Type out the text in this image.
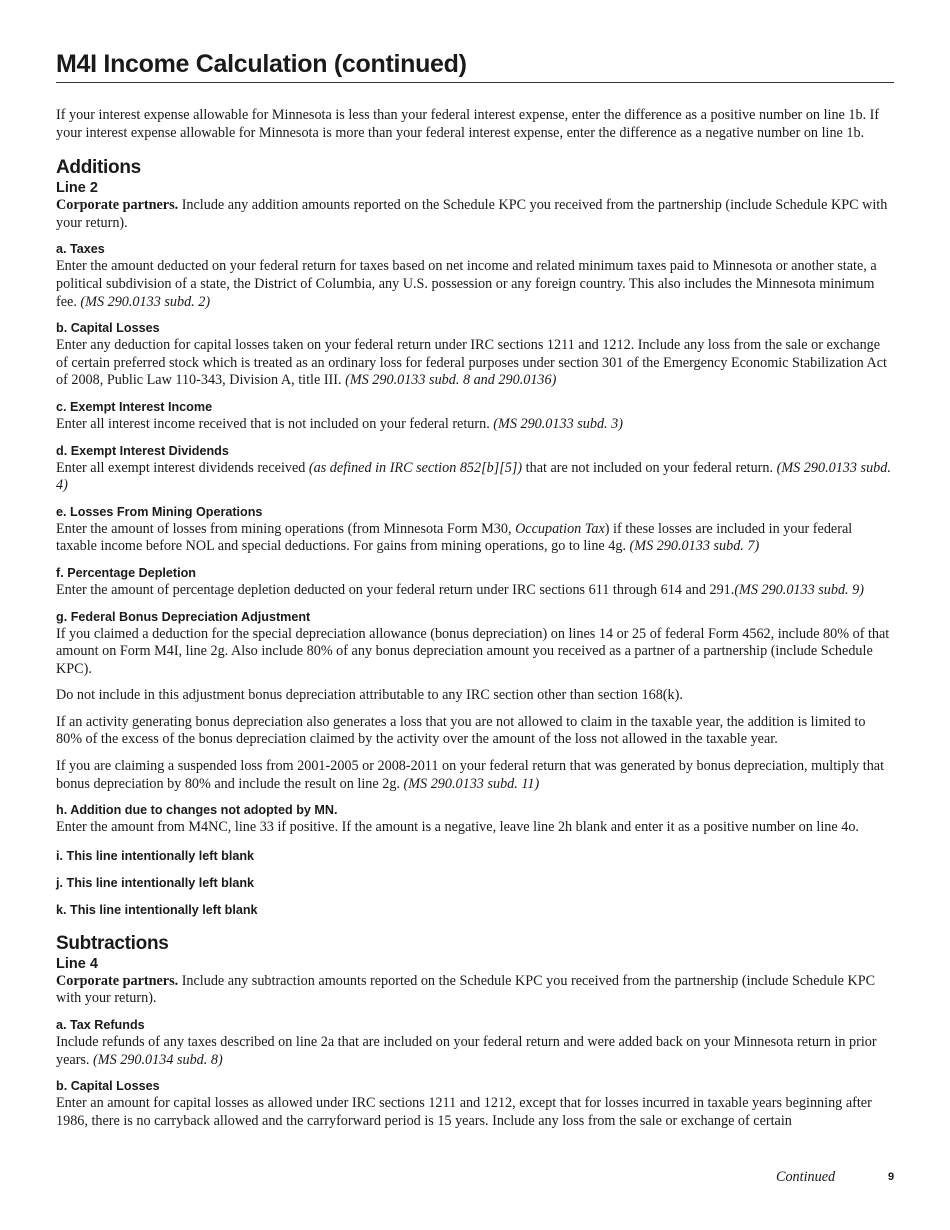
M4I Income Calculation (continued)

If your interest expense allowable for Minnesota is less than your federal interest expense, enter the difference as a positive number on line 1b. If your interest expense allowable for Minnesota is more than your federal interest expense, enter the difference as a negative number on line 1b.

Additions
Line 2

Corporate partners. Include any addition amounts reported on the Schedule KPC you received from the partnership (include Schedule KPC with your return).

a. Taxes

Enter the amount deducted on your federal return for taxes based on net income and related minimum taxes paid to Minnesota or another state, a political subdivision of a state, the District of Columbia, any U.S. possession or any foreign country. This also includes the Minnesota minimum fee. (MS 290.0133 subd. 2)

b. Capital Losses

Enter any deduction for capital losses taken on your federal return under IRC sections 1211 and 1212. Include any loss from the sale or exchange of certain preferred stock which is treated as an ordinary loss for federal purposes under section 301 of the Emergency Economic Stabilization Act of 2008, Public Law 110-343, Division A, title III. (MS 290.0133 subd. 8 and 290.0136)

c. Exempt Interest Income

Enter all interest income received that is not included on your federal return. (MS 290.0133 subd. 3)

d. Exempt Interest Dividends

Enter all exempt interest dividends received (as defined in IRC section 852[b][5]) that are not included on your federal return. (MS 290.0133 subd. 4)

e. Losses From Mining Operations

Enter the amount of losses from mining operations (from Minnesota Form M30, Occupation Tax) if these losses are included in your federal taxable income before NOL and special deductions. For gains from mining operations, go to line 4g. (MS 290.0133 subd. 7)

f. Percentage Depletion

Enter the amount of percentage depletion deducted on your federal return under IRC sections 611 through 614 and 291.(MS 290.0133 subd. 9)

g. Federal Bonus Depreciation Adjustment

If you claimed a deduction for the special depreciation allowance (bonus depreciation) on lines 14 or 25 of federal Form 4562, include 80% of that amount on Form M4I, line 2g. Also include 80% of any bonus depreciation amount you received as a partner of a partnership (include Schedule KPC).

Do not include in this adjustment bonus depreciation attributable to any IRC section other than section 168(k).

If an activity generating bonus depreciation also generates a loss that you are not allowed to claim in the taxable year, the addition is limited to 80% of the excess of the bonus depreciation claimed by the activity over the amount of the loss not allowed in the taxable year.

If you are claiming a suspended loss from 2001-2005 or 2008-2011 on your federal return that was generated by bonus depreciation, multiply that bonus depreciation by 80% and include the result on line 2g. (MS 290.0133 subd. 11)

h. Addition due to changes not adopted by MN.

Enter the amount from M4NC, line 33 if positive. If the amount is a negative, leave line 2h blank and enter it as a positive number on line 4o.

i. This line intentionally left blank
j. This line intentionally left blank
k. This line intentionally left blank
Subtractions
Line 4

Corporate partners. Include any subtraction amounts reported on the Schedule KPC you received from the partnership (include Schedule KPC with your return).

a. Tax Refunds

Include refunds of any taxes described on line 2a that are included on your federal return and were added back on your Minnesota return in prior years. (MS 290.0134 subd. 8)

b. Capital Losses

Enter an amount for capital losses as allowed under IRC sections 1211 and 1212, except that for losses incurred in taxable years beginning after 1986, there is no carryback allowed and the carryforward period is 15 years. Include any loss from the sale or exchange of certain

Continued	9
